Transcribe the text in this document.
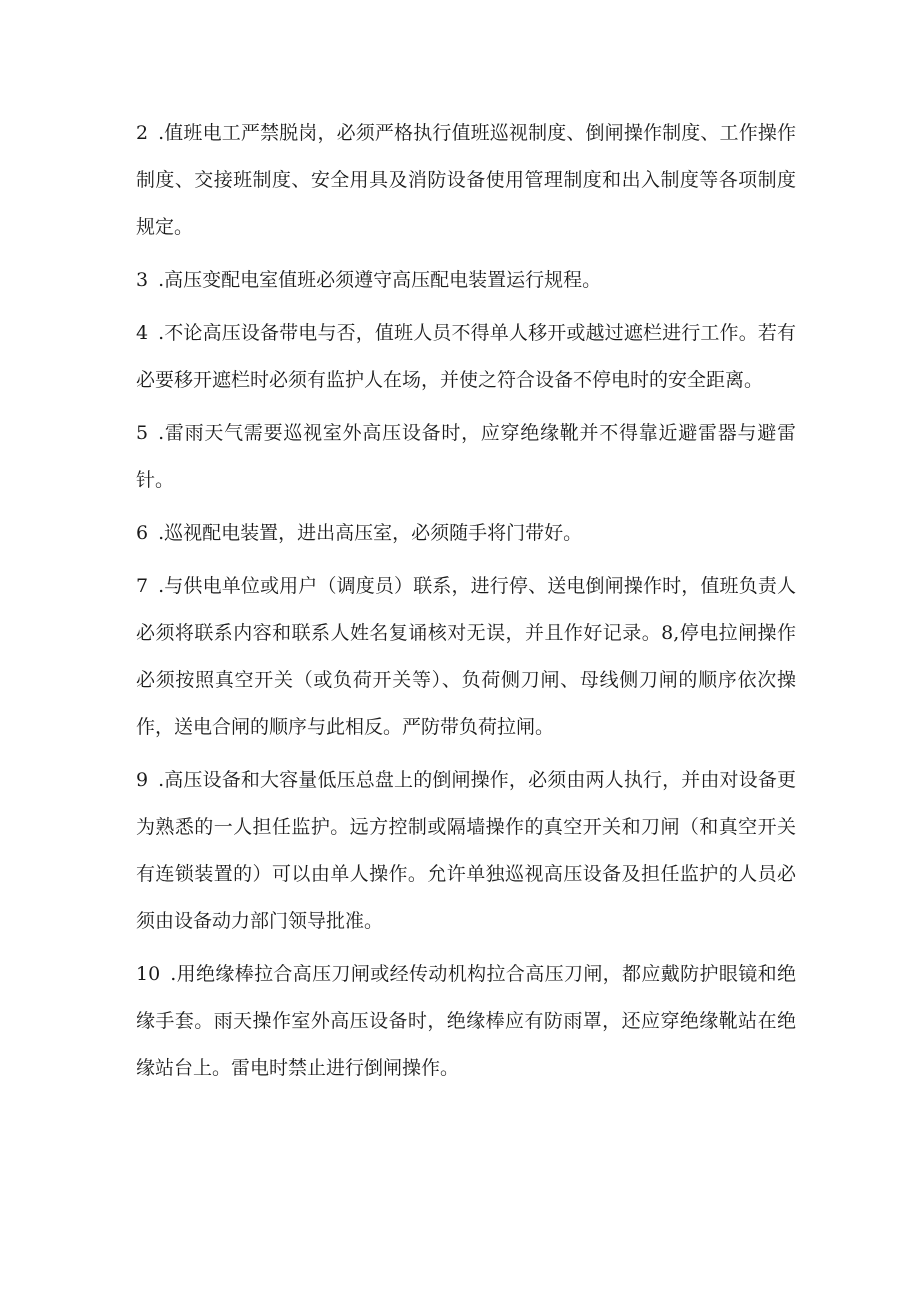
2 .值班电工严禁脱岗，必须严格执行值班巡视制度、倒闸操作制度、工作操作制度、交接班制度、安全用具及消防设备使用管理制度和出入制度等各项制度规定。

3 .高压变配电室值班必须遵守高压配电装置运行规程。

4 .不论高压设备带电与否，值班人员不得单人移开或越过遮栏进行工作。若有必要移开遮栏时必须有监护人在场，并使之符合设备不停电时的安全距离。

5 .雷雨天气需要巡视室外高压设备时，应穿绝缘靴并不得靠近避雷器与避雷针。

6 .巡视配电装置，进出高压室，必须随手将门带好。

7 .与供电单位或用户（调度员）联系，进行停、送电倒闸操作时，值班负责人必须将联系内容和联系人姓名复诵核对无误，并且作好记录。8,停电拉闸操作必须按照真空开关（或负荷开关等）、负荷侧刀闸、母线侧刀闸的顺序依次操作，送电合闸的顺序与此相反。严防带负荷拉闸。

9 .高压设备和大容量低压总盘上的倒闸操作，必须由两人执行，并由对设备更为熟悉的一人担任监护。远方控制或隔墙操作的真空开关和刀闸（和真空开关有连锁装置的）可以由单人操作。允许单独巡视高压设备及担任监护的人员必须由设备动力部门领导批准。

10 .用绝缘棒拉合高压刀闸或经传动机构拉合高压刀闸，都应戴防护眼镜和绝缘手套。雨天操作室外高压设备时，绝缘棒应有防雨罩，还应穿绝缘靴站在绝缘站台上。雷电时禁止进行倒闸操作。
